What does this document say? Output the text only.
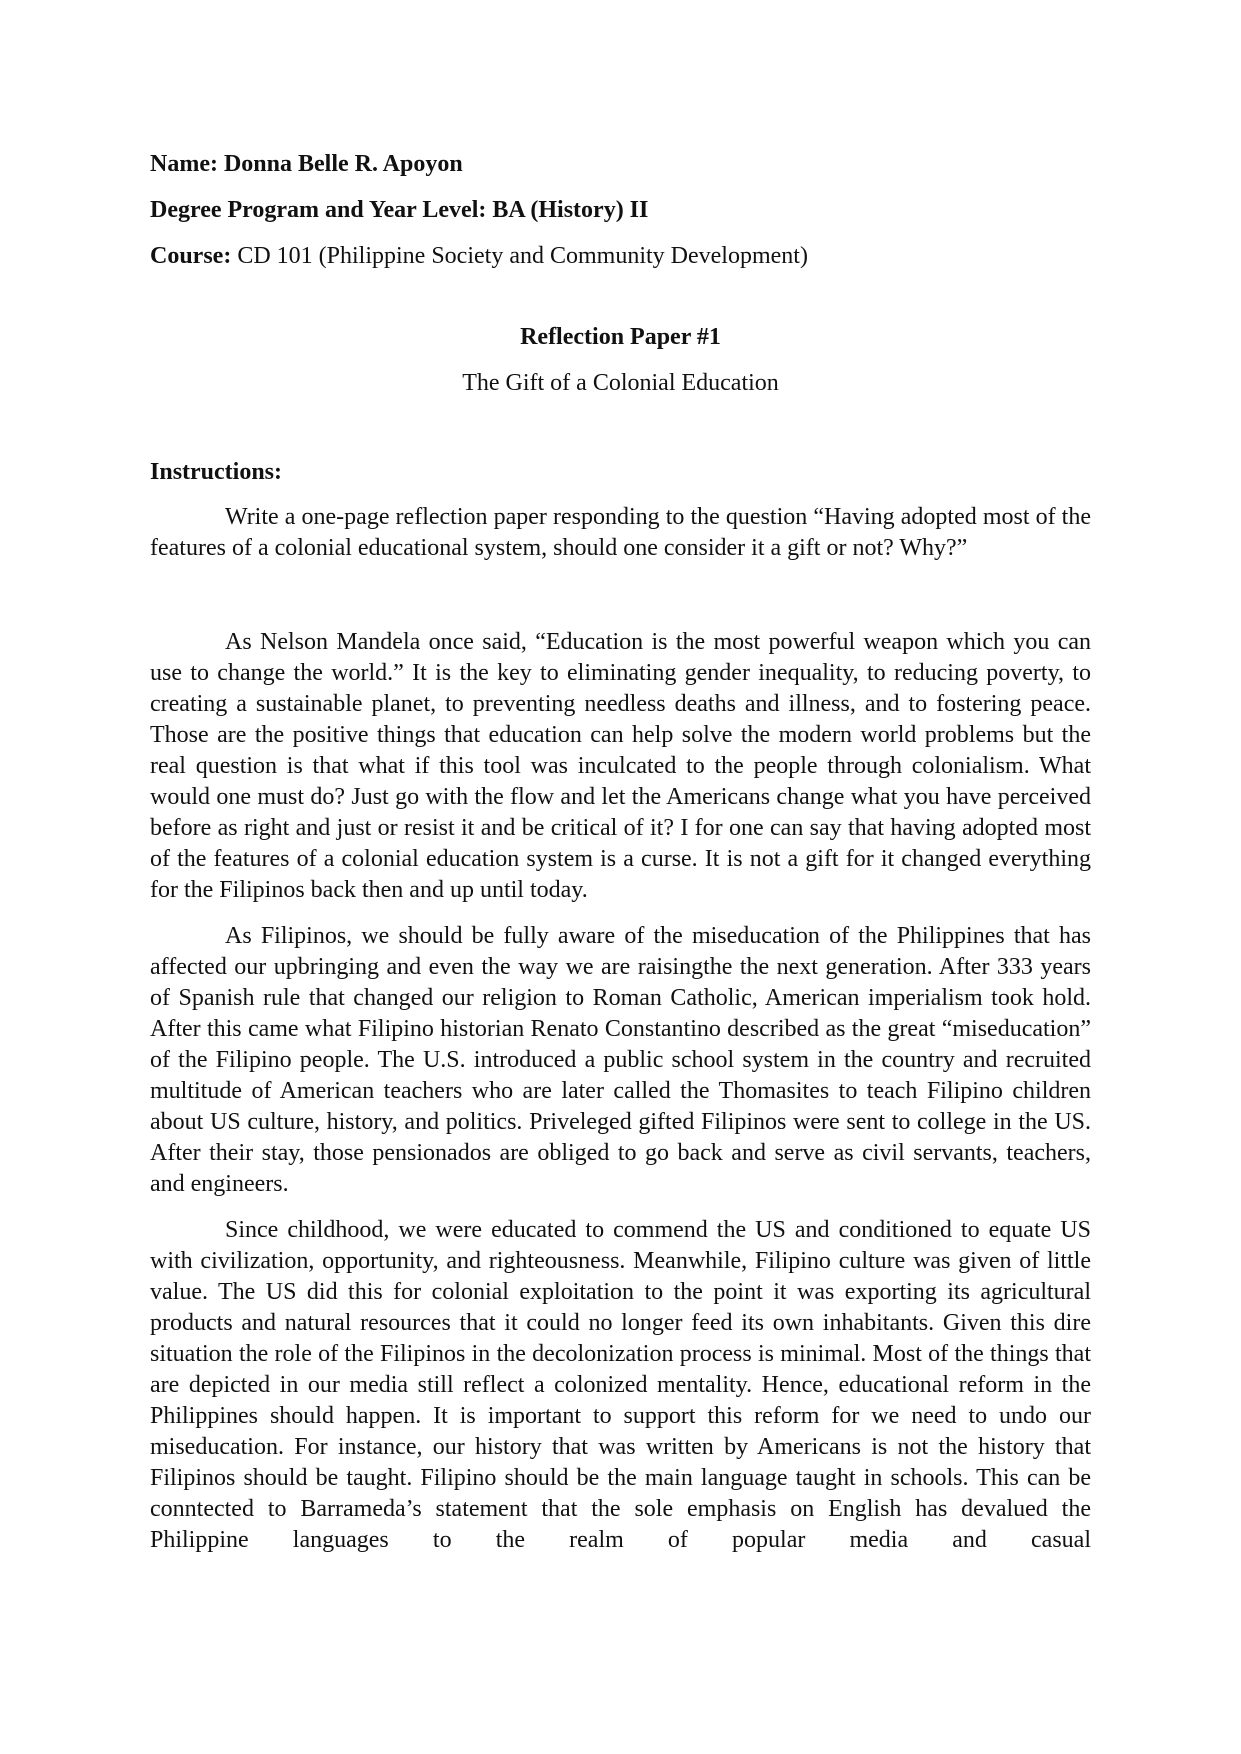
Name: Donna Belle R. Apoyon
Degree Program and Year Level: BA (History) II
Course: CD 101 (Philippine Society and Community Development)

Reflection Paper #1

The Gift of a Colonial Education

Instructions:

Write a one-page reflection paper responding to the question “Having adopted most of the features of a colonial educational system, should one consider it a gift or not? Why?”

As Nelson Mandela once said, “Education is the most powerful weapon which you can use to change the world.” It is the key to eliminating gender inequality, to reducing poverty, to creating a sustainable planet, to preventing needless deaths and illness, and to fostering peace. Those are the positive things that education can help solve the modern world problems but the real question is that what if this tool was inculcated to the people through colonialism. What would one must do? Just go with the flow and let the Americans change what you have perceived before as right and just or resist it and be critical of it? I for one can say that having adopted most of the features of a colonial education system is a curse. It is not a gift for it changed everything for the Filipinos back then and up until today.

As Filipinos, we should be fully aware of the miseducation of the Philippines that has affected our upbringing and even the way we are raisingthe the next generation. After 333 years of Spanish rule that changed our religion to Roman Catholic, American imperialism took hold. After this came what Filipino historian Renato Constantino described as the great “miseducation” of the Filipino people. The U.S. introduced a public school system in the country and recruited multitude of American teachers who are later called the Thomasites to teach Filipino children about US culture, history, and politics. Priveleged gifted Filipinos were sent to college in the US. After their stay, those pensionados are obliged to go back and serve as civil servants, teachers, and engineers.

Since childhood, we were educated to commend the US and conditioned to equate US with civilization, opportunity, and righteousness. Meanwhile, Filipino culture was given of little value. The US did this for colonial exploitation to the point it was exporting its agricultural products and natural resources that it could no longer feed its own inhabitants. Given this dire situation the role of the Filipinos in the decolonization process is minimal. Most of the things that are depicted in our media still reflect a colonized mentality. Hence, educational reform in the Philippines should happen. It is important to support this reform for we need to undo our miseducation. For instance, our history that was written by Americans is not the history that Filipinos should be taught. Filipino should be the main language taught in schools. This can be conntected to Barrameda’s statement that the sole emphasis on English has devalued the Philippine languages to the realm of popular media and casual
